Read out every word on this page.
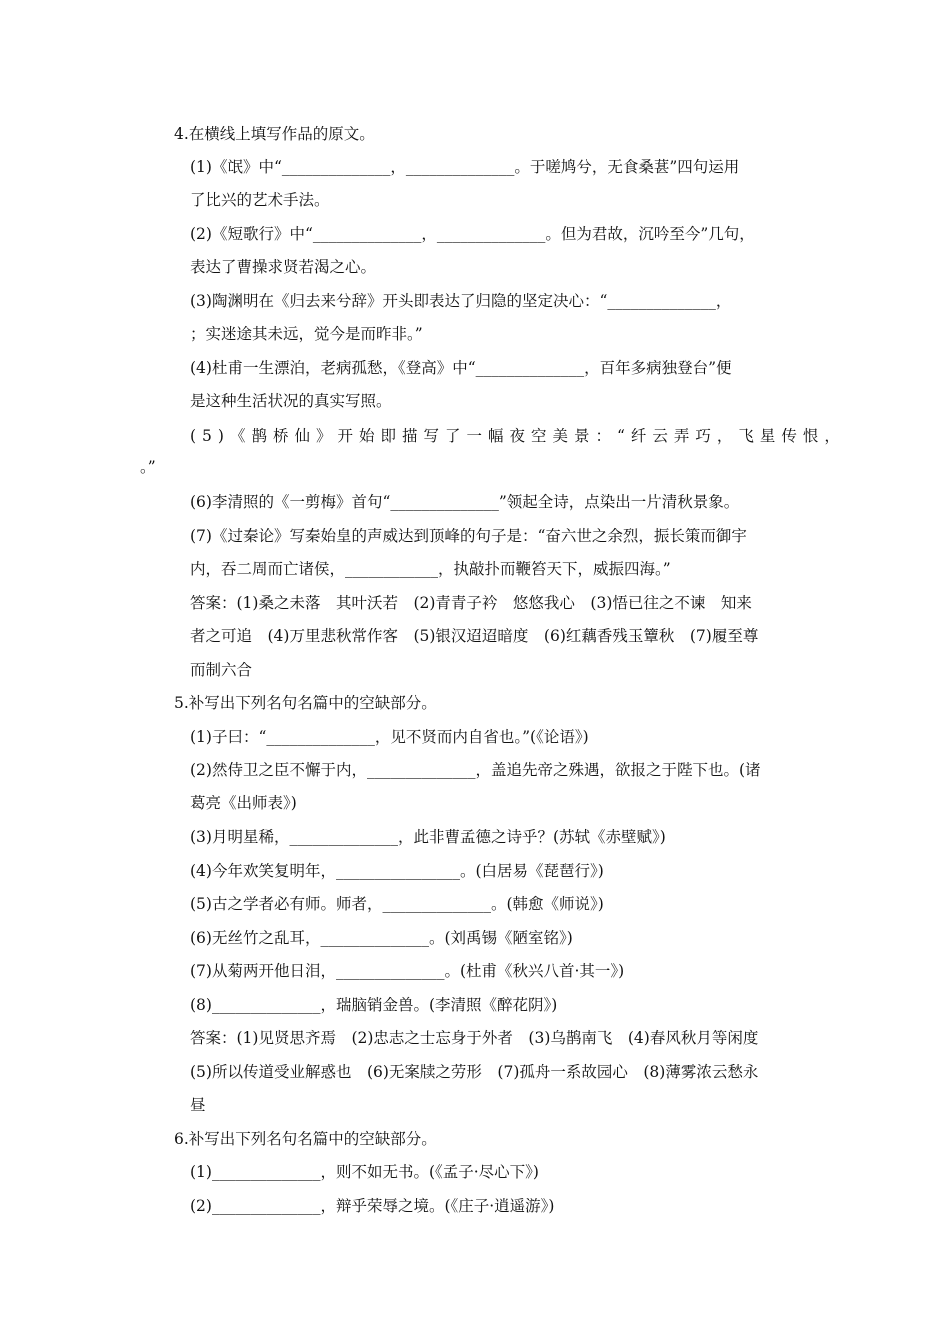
4.在横线上填写作品的原文。
(1)《氓》中“______________，______________。于嗟鸠兮，无食桑葚”四句运用
了比兴的艺术手法。
(2)《短歌行》中“______________，______________。但为君故，沉吟至今”几句，
表达了曹操求贤若渴之心。
(3)陶渊明在《归去来兮辞》开头即表达了归隐的坚定决心：“______________，
；实迷途其未远，觉今是而昨非。”
(4)杜甫一生漂泊，老病孤愁，《登高》中“______________，百年多病独登台”便
是这种生活状况的真实写照。
(5)《鹊桥仙》开始即描写了一幅夜空美景：“纤云弄巧，飞星传恨，
。”
(6)李清照的《一剪梅》首句“______________”领起全诗，点染出一片清秋景象。
(7)《过秦论》写秦始皇的声威达到顶峰的句子是：“奋六世之余烈，振长策而御宇
内，吞二周而亡诸侯，____________，执敲扑而鞭笞天下，威振四海。”
答案：(1)桑之未落　其叶沃若　(2)青青子衿　悠悠我心　(3)悟已往之不谏　知来
者之可追　(4)万里悲秋常作客　(5)银汉迢迢暗度　(6)红藕香残玉簟秋　(7)履至尊
而制六合
5.补写出下列名句名篇中的空缺部分。
(1)子曰：“______________，见不贤而内自省也。”(《论语》)
(2)然侍卫之臣不懈于内，______________，盖追先帝之殊遇，欲报之于陛下也。(诸
葛亮《出师表》)
(3)月明星稀，______________，此非曹孟德之诗乎？(苏轼《赤壁赋》)
(4)今年欢笑复明年，________________。(白居易《琵琶行》)
(5)古之学者必有师。师者，______________。(韩愈《师说》)
(6)无丝竹之乱耳，______________。(刘禹锡《陋室铭》)
(7)从菊两开他日泪，______________。(杜甫《秋兴八首·其一》)
(8)______________，瑞脑销金兽。(李清照《醉花阴》)
答案：(1)见贤思齐焉　(2)忠志之士忘身于外者　(3)乌鹊南飞　(4)春风秋月等闲度
(5)所以传道受业解惑也　(6)无案牍之劳形　(7)孤舟一系故园心　(8)薄雾浓云愁永
昼
6.补写出下列名句名篇中的空缺部分。
(1)______________，则不如无书。(《孟子·尽心下》)
(2)______________，辩乎荣辱之境。(《庄子·逍遥游》)
